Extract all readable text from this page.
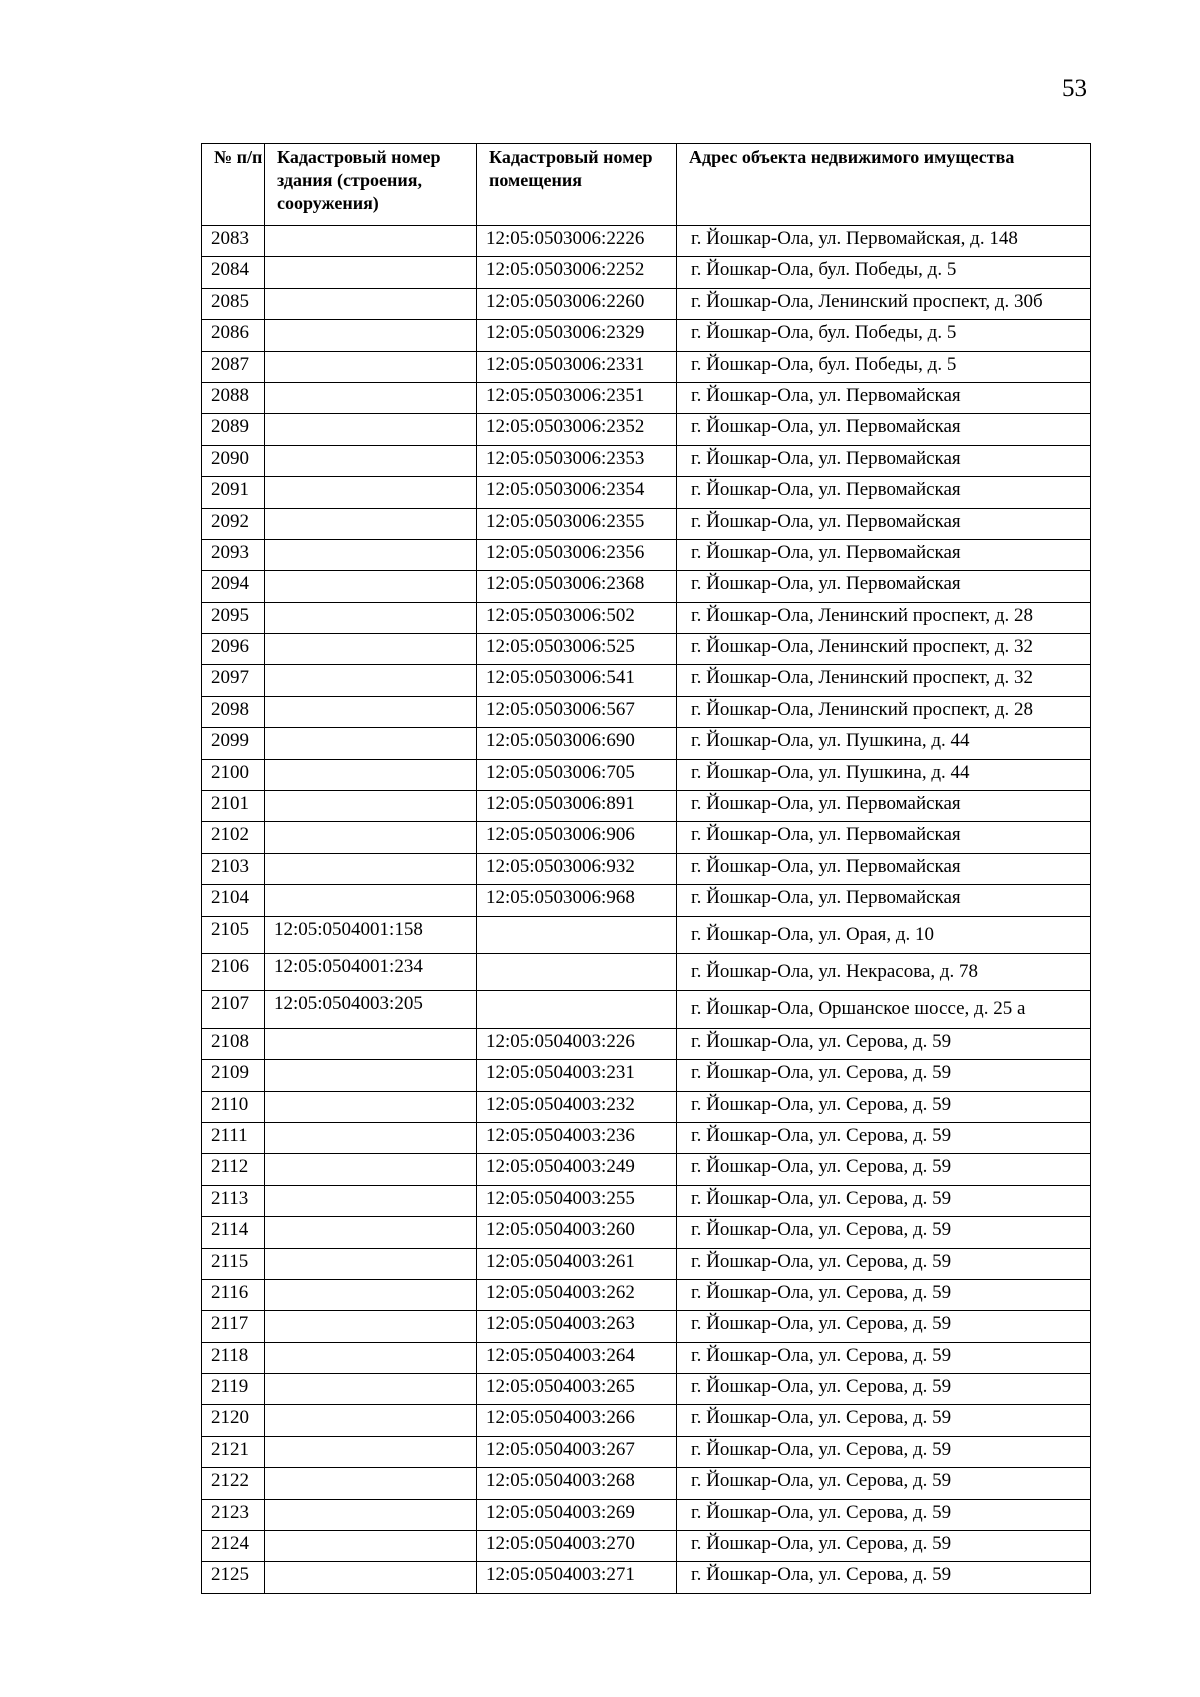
53
№ п/п	Кадастровый номер здания (строения, сооружения)	Кадастровый номер помещения	Адрес объекта недвижимого имущества
2083		12:05:0503006:2226	г. Йошкар-Ола, ул. Первомайская, д. 148
2084		12:05:0503006:2252	г. Йошкар-Ола, бул. Победы, д. 5
2085		12:05:0503006:2260	г. Йошкар-Ола, Ленинский проспект, д. 30б
2086		12:05:0503006:2329	г. Йошкар-Ола, бул. Победы, д. 5
2087		12:05:0503006:2331	г. Йошкар-Ола, бул. Победы, д. 5
2088		12:05:0503006:2351	г. Йошкар-Ола, ул. Первомайская
2089		12:05:0503006:2352	г. Йошкар-Ола, ул. Первомайская
2090		12:05:0503006:2353	г. Йошкар-Ола, ул. Первомайская
2091		12:05:0503006:2354	г. Йошкар-Ола, ул. Первомайская
2092		12:05:0503006:2355	г. Йошкар-Ола, ул. Первомайская
2093		12:05:0503006:2356	г. Йошкар-Ола, ул. Первомайская
2094		12:05:0503006:2368	г. Йошкар-Ола, ул. Первомайская
2095		12:05:0503006:502	г. Йошкар-Ола, Ленинский проспект, д. 28
2096		12:05:0503006:525	г. Йошкар-Ола, Ленинский проспект, д. 32
2097		12:05:0503006:541	г. Йошкар-Ола, Ленинский проспект, д. 32
2098		12:05:0503006:567	г. Йошкар-Ола, Ленинский проспект, д. 28
2099		12:05:0503006:690	г. Йошкар-Ола, ул. Пушкина, д. 44
2100		12:05:0503006:705	г. Йошкар-Ола, ул. Пушкина, д. 44
2101		12:05:0503006:891	г. Йошкар-Ола, ул. Первомайская
2102		12:05:0503006:906	г. Йошкар-Ола, ул. Первомайская
2103		12:05:0503006:932	г. Йошкар-Ола, ул. Первомайская
2104		12:05:0503006:968	г. Йошкар-Ола, ул. Первомайская
2105	12:05:0504001:158		г. Йошкар-Ола, ул. Орая, д. 10
2106	12:05:0504001:234		г. Йошкар-Ола, ул. Некрасова, д. 78
2107	12:05:0504003:205		г. Йошкар-Ола, Оршанское шоссе, д. 25 а
2108		12:05:0504003:226	г. Йошкар-Ола, ул. Серова, д. 59
2109		12:05:0504003:231	г. Йошкар-Ола, ул. Серова, д. 59
2110		12:05:0504003:232	г. Йошкар-Ола, ул. Серова, д. 59
2111		12:05:0504003:236	г. Йошкар-Ола, ул. Серова, д. 59
2112		12:05:0504003:249	г. Йошкар-Ола, ул. Серова, д. 59
2113		12:05:0504003:255	г. Йошкар-Ола, ул. Серова, д. 59
2114		12:05:0504003:260	г. Йошкар-Ола, ул. Серова, д. 59
2115		12:05:0504003:261	г. Йошкар-Ола, ул. Серова, д. 59
2116		12:05:0504003:262	г. Йошкар-Ола, ул. Серова, д. 59
2117		12:05:0504003:263	г. Йошкар-Ола, ул. Серова, д. 59
2118		12:05:0504003:264	г. Йошкар-Ола, ул. Серова, д. 59
2119		12:05:0504003:265	г. Йошкар-Ола, ул. Серова, д. 59
2120		12:05:0504003:266	г. Йошкар-Ола, ул. Серова, д. 59
2121		12:05:0504003:267	г. Йошкар-Ола, ул. Серова, д. 59
2122		12:05:0504003:268	г. Йошкар-Ола, ул. Серова, д. 59
2123		12:05:0504003:269	г. Йошкар-Ола, ул. Серова, д. 59
2124		12:05:0504003:270	г. Йошкар-Ола, ул. Серова, д. 59
2125		12:05:0504003:271	г. Йошкар-Ола, ул. Серова, д. 59
